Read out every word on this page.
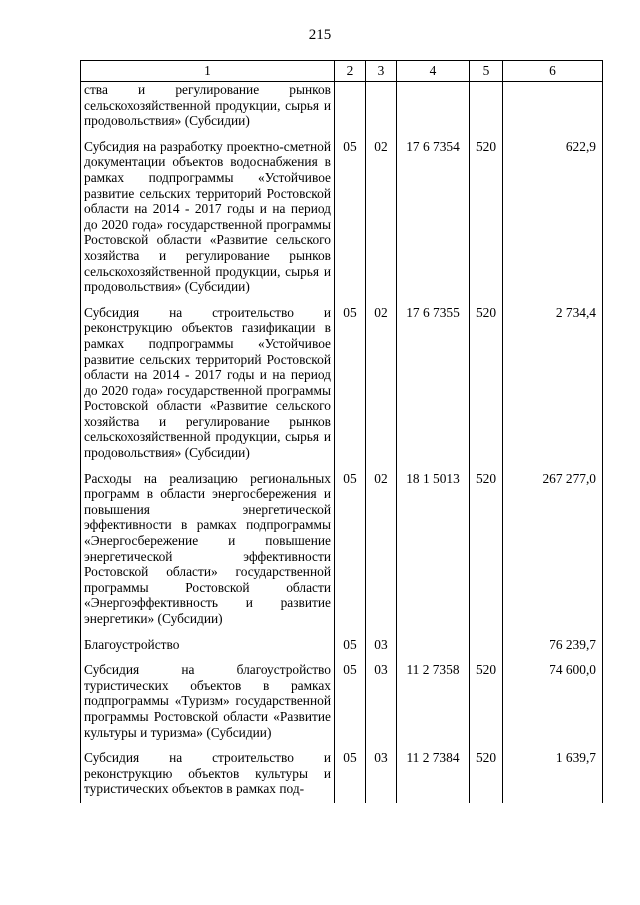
215
1	2	3	4	5	6
ства и регулирование рынков сельскохозяйственной продукции, сырья и продовольствия» (Субсидии)					
Субсидия на разработку проектно-сметной документации объектов водоснабжения в рамках подпрограммы «Устойчивое развитие сельских территорий Ростовской области на 2014 - 2017 годы и на период до 2020 года» государственной программы Ростовской области «Развитие сельского хозяйства и регулирование рынков сельскохозяйственной продукции, сырья и продовольствия» (Субсидии)	05	02	17 6 7354	520	622,9
Субсидия на строительство и реконструкцию объектов газификации в рамках подпрограммы «Устойчивое развитие сельских территорий Ростовской области на 2014 - 2017 годы и на период до 2020 года» государственной программы Ростовской области «Развитие сельского хозяйства и регулирование рынков сельскохозяйственной продукции, сырья и продовольствия» (Субсидии)	05	02	17 6 7355	520	2 734,4
Расходы на реализацию региональных программ в области энергосбережения и повышения энергетической эффективности в рамках подпрограммы «Энергосбережение и повышение энергетической эффективности Ростовской области» государственной программы Ростовской области «Энергоэффективность и развитие энергетики» (Субсидии)	05	02	18 1 5013	520	267 277,0
Благоустройство	05	03			76 239,7
Субсидия на благоустройство туристических объектов в рамках подпрограммы «Туризм» государственной программы Ростовской области «Развитие культуры и туризма» (Субсидии)	05	03	11 2 7358	520	74 600,0
Субсидия на строительство и реконструкцию объектов культуры и туристических объектов в рамках под-	05	03	11 2 7384	520	1 639,7
